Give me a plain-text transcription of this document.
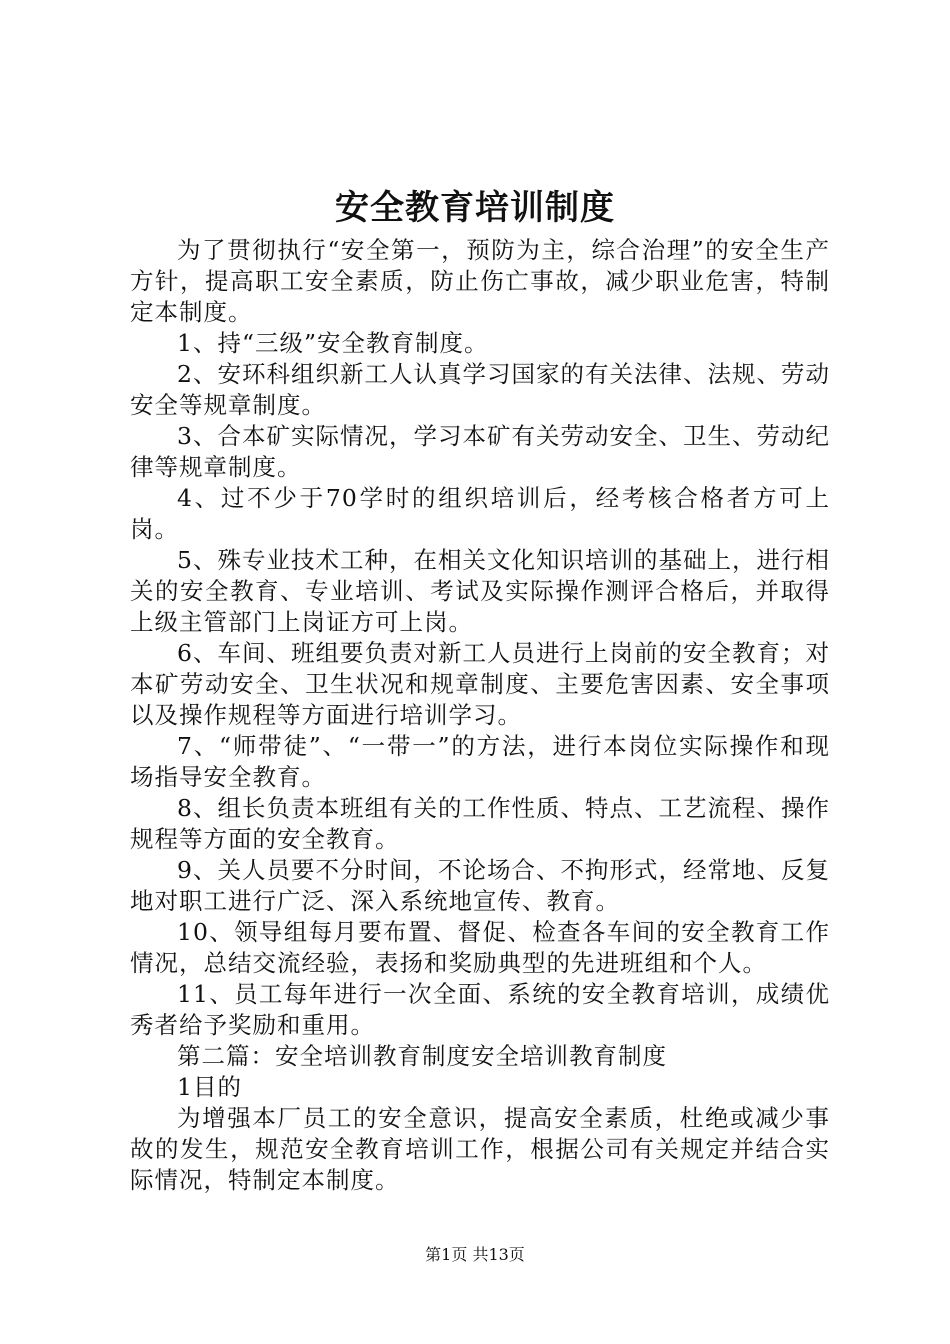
安全教育培训制度

为了贯彻执行“安全第一，预防为主，综合治理”的安全生产方针，提高职工安全素质，防止伤亡事故，减少职业危害，特制定本制度。

1、持“三级”安全教育制度。

2、安环科组织新工人认真学习国家的有关法律、法规、劳动安全等规章制度。

3、合本矿实际情况，学习本矿有关劳动安全、卫生、劳动纪律等规章制度。

4、过不少于70学时的组织培训后，经考核合格者方可上岗。

5、殊专业技术工种，在相关文化知识培训的基础上，进行相关的安全教育、专业培训、考试及实际操作测评合格后，并取得上级主管部门上岗证方可上岗。

6、车间、班组要负责对新工人员进行上岗前的安全教育；对本矿劳动安全、卫生状况和规章制度、主要危害因素、安全事项以及操作规程等方面进行培训学习。

7、“师带徒”、“一带一”的方法，进行本岗位实际操作和现场指导安全教育。

8、组长负责本班组有关的工作性质、特点、工艺流程、操作规程等方面的安全教育。

9、关人员要不分时间，不论场合、不拘形式，经常地、反复地对职工进行广泛、深入系统地宣传、教育。

10、领导组每月要布置、督促、检查各车间的安全教育工作情况，总结交流经验，表扬和奖励典型的先进班组和个人。

11、员工每年进行一次全面、系统的安全教育培训，成绩优秀者给予奖励和重用。

第二篇：安全培训教育制度安全培训教育制度

1目的

为增强本厂员工的安全意识，提高安全素质，杜绝或减少事故的发生，规范安全教育培训工作，根据公司有关规定并结合实际情况，特制定本制度。

第1页 共13页
